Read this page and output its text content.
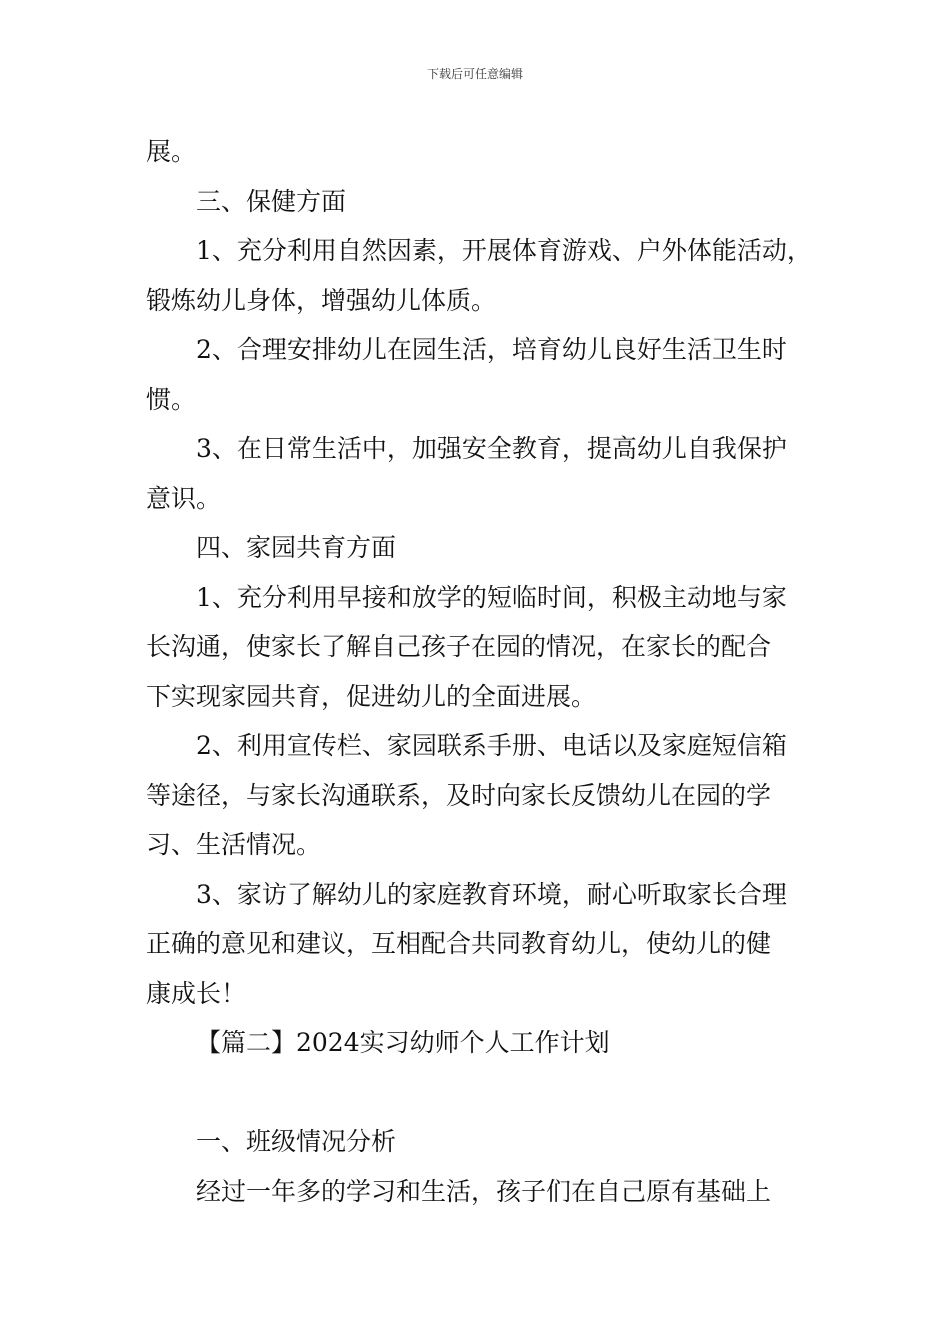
下载后可任意编辑

展。

三、保健方面

1、充分利用自然因素，开展体育游戏、户外体能活动，

锻炼幼儿身体，增强幼儿体质。

2、合理安排幼儿在园生活，培育幼儿良好生活卫生时

惯。

3、在日常生活中，加强安全教育，提高幼儿自我保护

意识。

四、家园共育方面

1、充分利用早接和放学的短临时间，积极主动地与家

长沟通，使家长了解自己孩子在园的情况，在家长的配合

下实现家园共育，促进幼儿的全面进展。

2、利用宣传栏、家园联系手册、电话以及家庭短信箱

等途径，与家长沟通联系，及时向家长反馈幼儿在园的学

习、生活情况。

3、家访了解幼儿的家庭教育环境，耐心听取家长合理

正确的意见和建议，互相配合共同教育幼儿，使幼儿的健

康成长！

【篇二】2024实习幼师个人工作计划

一、班级情况分析

经过一年多的学习和生活，孩子们在自己原有基础上
